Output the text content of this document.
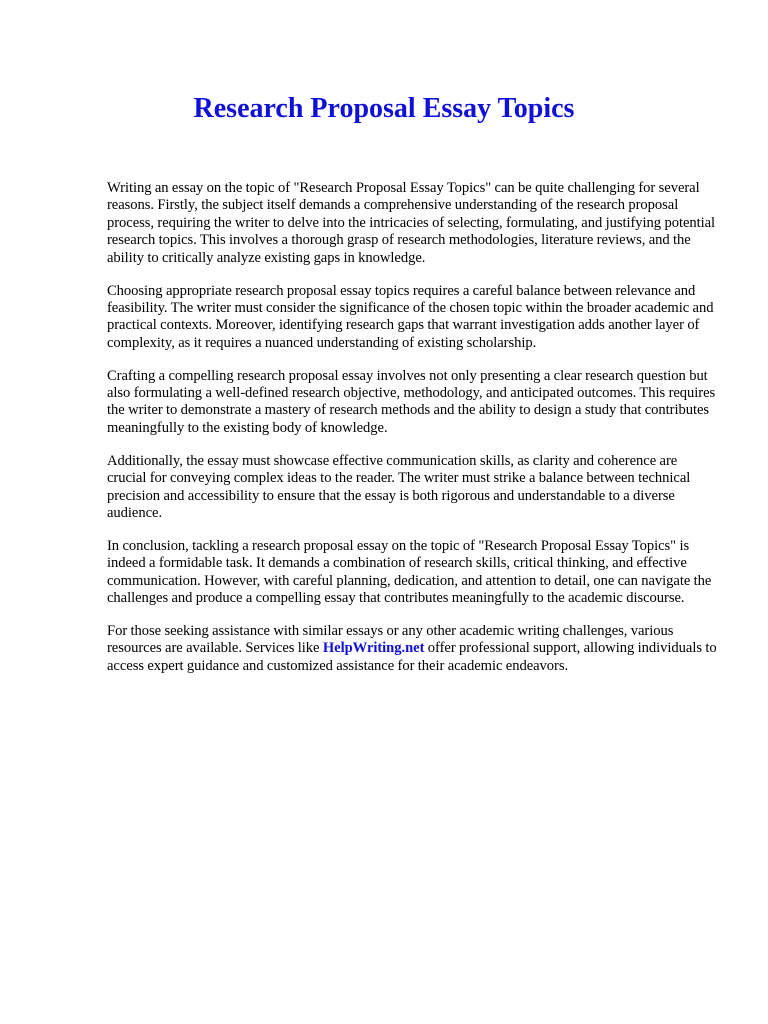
Research Proposal Essay Topics

Writing an essay on the topic of "Research Proposal Essay Topics" can be quite challenging for several reasons. Firstly, the subject itself demands a comprehensive understanding of the research proposal process, requiring the writer to delve into the intricacies of selecting, formulating, and justifying potential research topics. This involves a thorough grasp of research methodologies, literature reviews, and the ability to critically analyze existing gaps in knowledge.

Choosing appropriate research proposal essay topics requires a careful balance between relevance and feasibility. The writer must consider the significance of the chosen topic within the broader academic and practical contexts. Moreover, identifying research gaps that warrant investigation adds another layer of complexity, as it requires a nuanced understanding of existing scholarship.

Crafting a compelling research proposal essay involves not only presenting a clear research question but also formulating a well-defined research objective, methodology, and anticipated outcomes. This requires the writer to demonstrate a mastery of research methods and the ability to design a study that contributes meaningfully to the existing body of knowledge.

Additionally, the essay must showcase effective communication skills, as clarity and coherence are crucial for conveying complex ideas to the reader. The writer must strike a balance between technical precision and accessibility to ensure that the essay is both rigorous and understandable to a diverse audience.

In conclusion, tackling a research proposal essay on the topic of "Research Proposal Essay Topics" is indeed a formidable task. It demands a combination of research skills, critical thinking, and effective communication. However, with careful planning, dedication, and attention to detail, one can navigate the challenges and produce a compelling essay that contributes meaningfully to the academic discourse.

For those seeking assistance with similar essays or any other academic writing challenges, various resources are available. Services like HelpWriting.net offer professional support, allowing individuals to access expert guidance and customized assistance for their academic endeavors.
